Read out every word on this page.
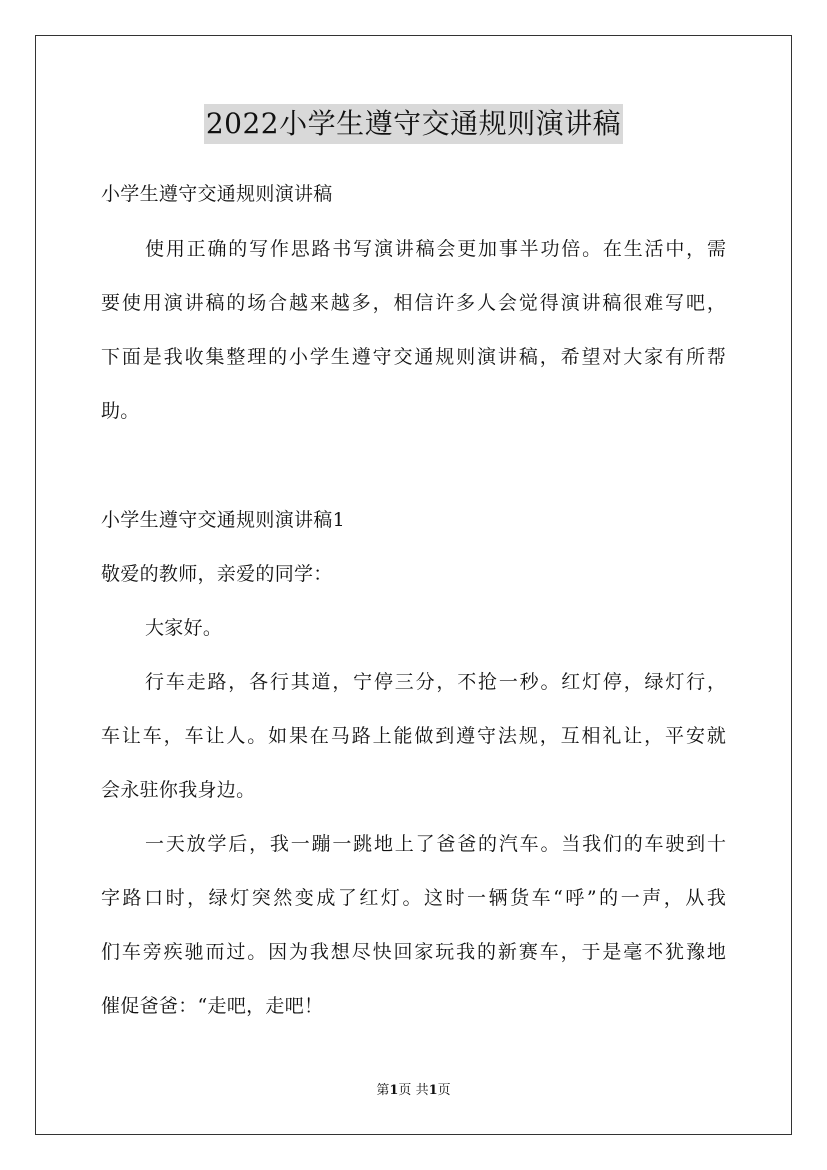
2022小学生遵守交通规则演讲稿
小学生遵守交通规则演讲稿
使 用 正 确 的 写 作 思 路 书 写 演 讲 稿 会 更 加 事 半 功 倍 。 在 生 活 中 ， 需
要 使 用 演 讲 稿 的 场 合 越 来 越 多 ， 相 信 许 多 人 会 觉 得 演 讲 稿 很 难 写 吧 ，
下 面 是 我 收 集 整 理 的 小 学 生 遵 守 交 通 规 则 演 讲 稿 ， 希 望 对 大 家 有 所 帮
助。
小学生遵守交通规则演讲稿1
敬爱的教师，亲爱的同学：
大家好。
行 车 走 路 ， 各 行 其 道 ， 宁 停 三 分 ， 不 抢 一 秒 。 红 灯 停 ， 绿 灯 行 ，
车 让 车 ， 车 让 人 。 如 果 在 马 路 上 能 做 到 遵 守 法 规 ， 互 相 礼 让 ， 平 安 就
会永驻你我身边。
一 天 放 学 后 ， 我 一 蹦 一 跳 地 上 了 爸 爸 的 汽 车 。 当 我 们 的 车 驶 到 十
字 路 口 时 ， 绿 灯 突 然 变 成 了 红 灯 。 这 时 一 辆 货 车 “ 呼 ” 的 一 声 ， 从 我
们 车 旁 疾 驰 而 过 。 因 为 我 想 尽 快 回 家 玩 我 的 新 赛 车 ， 于 是 毫 不 犹 豫 地
催促爸爸：“走吧，走吧！
第1页 共1页
